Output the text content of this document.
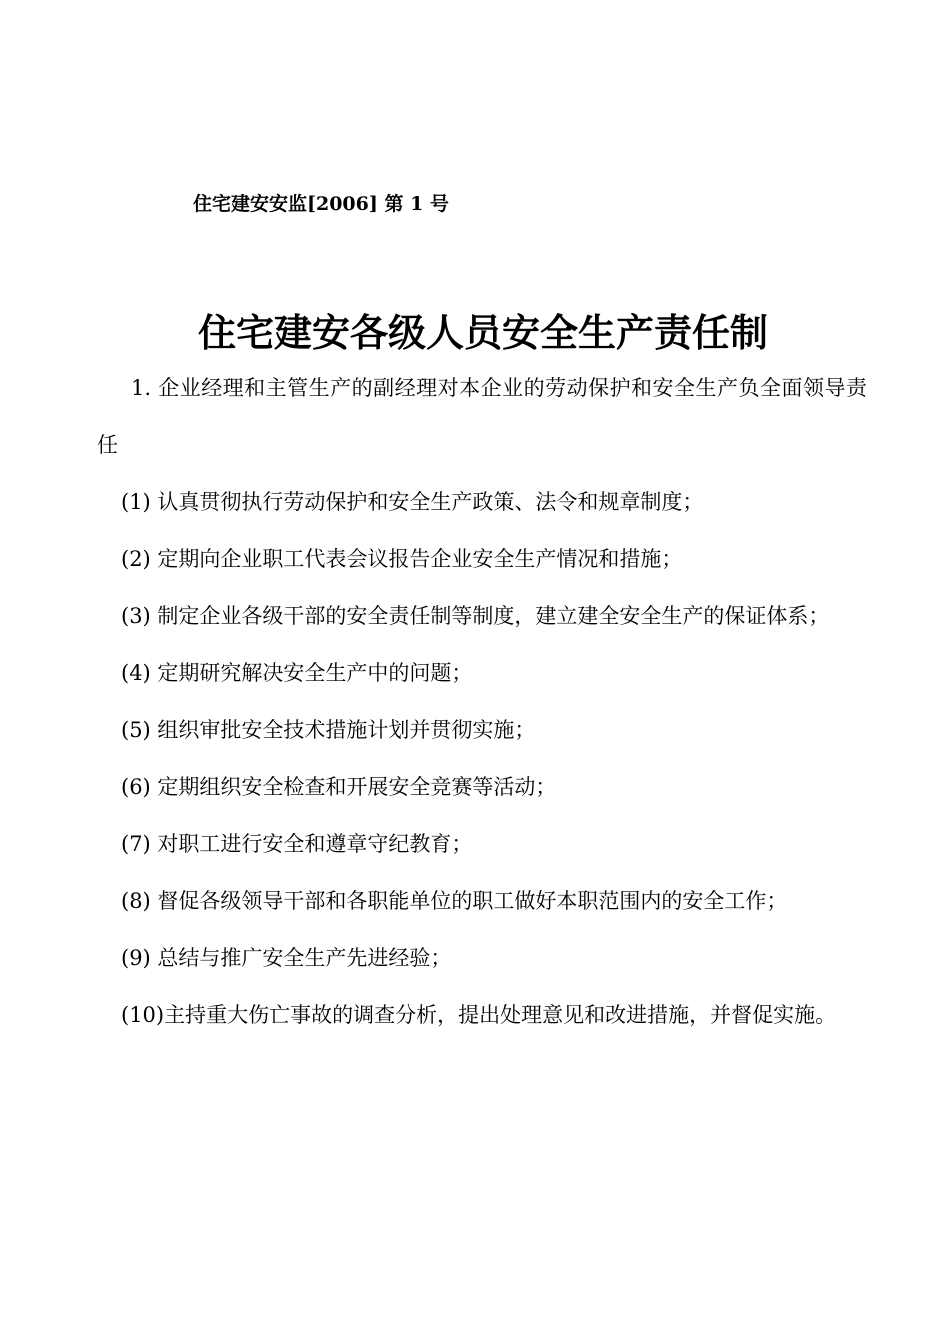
住宅建安安监[2006] 第 1 号
住宅建安各级人员安全生产责任制

1. 企业经理和主管生产的副经理对本企业的劳动保护和安全生产负全面领导责任

(1) 认真贯彻执行劳动保护和安全生产政策、法令和规章制度；

(2) 定期向企业职工代表会议报告企业安全生产情况和措施；

(3) 制定企业各级干部的安全责任制等制度，建立建全安全生产的保证体系；

(4) 定期研究解决安全生产中的问题；

(5) 组织审批安全技术措施计划并贯彻实施；

(6) 定期组织安全检查和开展安全竞赛等活动；

(7) 对职工进行安全和遵章守纪教育；

(8) 督促各级领导干部和各职能单位的职工做好本职范围内的安全工作；

(9) 总结与推广安全生产先进经验；

(10)主持重大伤亡事故的调查分析，提出处理意见和改进措施，并督促实施。
